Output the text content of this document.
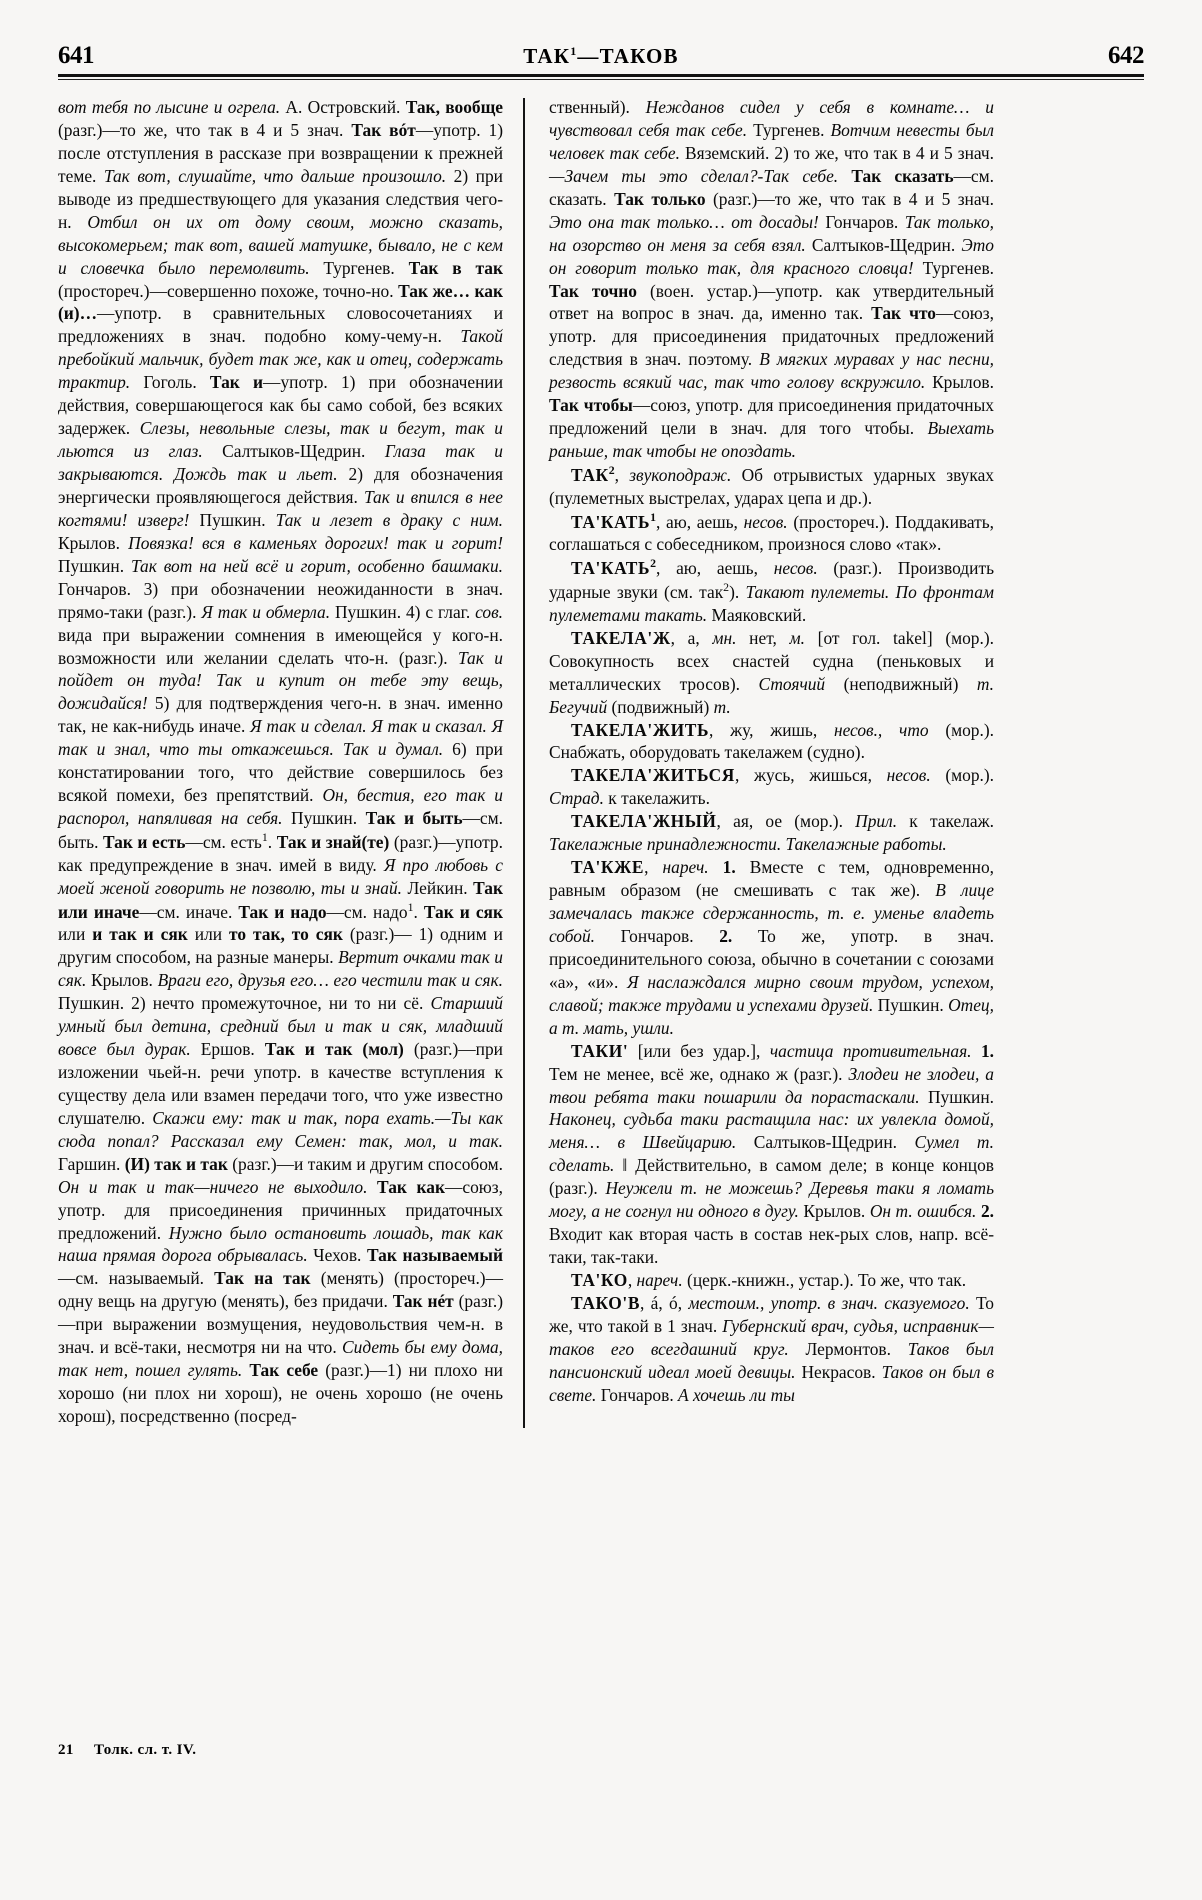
641	ТАК$^1$—ТАКОВ	642

вот тебя по лысине и огрела. А. Островский. Так, вообще (разг.)—то же, что так в 4 и 5 знач. Так вóт—употр. 1) после отступления в рассказе при возвращении к прежней теме. Так вот, слушайте, что дальше произошло. 2) при выводе из предшествующего для указания следствия чего-н. Отбил он их от дому своим, можно сказать, высокомерьем; так вот, вашей матушке, бывало, не с кем и словечка было перемолвить. Тургенев. Так в так (простореч.)—совершенно похоже, точно-но. Так же… как (и)…—употр. в сравнительных словосочетаниях и предложениях в знач. подобно кому-чему-н. Такой пребойкий мальчик, будет так же, как и отец, содержать трактир. Гоголь. Так и—употр. 1) при обозначении действия, совершающегося как бы само собой, без всяких задержек. Слезы, невольные слезы, так и бегут, так и льются из глаз. Салтыков-Щедрин. Глаза так и закрываются. Дождь так и льет. 2) для обозначения энергически проявляющегося действия. Так и впился в нее когтями! изверг! Пушкин. Так и лезет в драку с ним. Крылов. Повязка! вся в каменьях дорогих! так и горит! Пушкин. Так вот на ней всё и горит, особенно башмаки. Гончаров. 3) при обозначении неожиданности в знач. прямо-таки (разг.). Я так и обмерла. Пушкин. 4) с глаг. сов. вида при выражении сомнения в имеющейся у кого-н. возможности или желании сделать что-н. (разг.). Так и пойдет он туда! Так и купит он тебе эту вещь, дожидайся! 5) для подтверждения чего-н. в знач. именно так, не как-нибудь иначе. Я так и сделал. Я так и сказал. Я так и знал, что ты откажешься. Так и думал. 6) при констатировании того, что действие совершилось без всякой помехи, без препятствий. Он, бестия, его так и распорол, напяливая на себя. Пушкин. Так и быть—см. быть. Так и есть—см. есть$^1$. Так и знай(те) (разг.)—употр. как предупреждение в знач. имей в виду. Я про любовь с моей женой говорить не позволю, ты и знай. Лейкин. Так или иначе—см. иначе. Так и надо—см. надо$^1$. Так и сяк или и так и сяк или то так, то сяк (разг.)— 1) одним и другим способом, на разные манеры. Вертит очками так и сяк. Крылов. Враги его, друзья его… его честили так и сяк. Пушкин. 2) нечто промежуточное, ни то ни сё. Старший умный был детина, средний был и так и сяк, младший вовсе был дурак. Ершов. Так и так (мол) (разг.)—при изложении чьей-н. речи употр. в качестве вступления к существу дела или взамен передачи того, что уже известно слушателю. Скажи ему: так и так, пора ехать.—Ты как сюда попал? Рассказал ему Семен: так, мол, и так. Гаршин. (И) так и так (разг.)—и таким и другим способом. Он и так и так—ничего не выходило. Так как—союз, употр. для присоединения причинных придаточных предложений. Нужно было остановить лошадь, так как наша прямая дорога обрывалась. Чехов. Так называемый—см. называемый. Так на так (менять) (простореч.)—одну вещь на другую (менять), без придачи. Так нéт (разг.) —при выражении возмущения, неудовольствия чем-н. в знач. и всё-таки, несмотря ни на что. Сидеть бы ему дома, так нет, пошел гулять. Так себе (разг.)—1) ни плохо ни хорошо (ни плох ни хорош), не очень хорошо (не очень хорош), посредственно (посред-

ственный). Нежданов сидел у себя в комнате… и чувствовал себя так себе. Тургенев. Вотчим невесты был человек так себе. Вяземский. 2) то же, что так в 4 и 5 знач. —Зачем ты это сделал?-Так себе. Так сказать—см. сказать. Так только (разг.)—то же, что так в 4 и 5 знач. Это она так только… от досады! Гончаров. Так только, на озорство он меня за себя взял. Салтыков-Щедрин. Это он говорит только так, для красного словца! Тургенев. Так точно (воен. устар.)—употр. как утвердительный ответ на вопрос в знач. да, именно так. Так что—союз, употр. для присоединения придаточных предложений следствия в знач. поэтому. В мягких муравах у нас песни, резвость всякий час, так что голову вскружило. Крылов. Так чтобы—союз, употр. для присоединения придаточных предложений цели в знач. для того чтобы. Выехать раньше, так чтобы не опоздать.

ТАК$^2$, звукоподраж. Об отрывистых ударных звуках (пулеметных выстрелах, ударах цепа и др.).

ТА'КАТЬ$^1$, аю, аешь, несов. (простореч.). Поддакивать, соглашаться с собеседником, произнося слово «так».

ТА'КАТЬ$^2$, аю, аешь, несов. (разг.). Производить ударные звуки (см. так$^2$). Такают пулеметы. По фронтам пулеметами такать. Маяковский.

ТАКЕЛА'Ж, а, мн. нет, м. [от гол. takel] (мор.). Совокупность всех снастей судна (пеньковых и металлических тросов). Стоячий (неподвижный) т. Бегучий (подвижный) т.

ТАКЕЛА'ЖИТЬ, жу, жишь, несов., что (мор.). Снабжать, оборудовать такелажем (судно).

ТАКЕЛА'ЖИТЬСЯ, жусь, жишься, несов. (мор.). Страд. к такелажить.

ТАКЕЛА'ЖНЫЙ, ая, ое (мор.). Прил. к такелаж. Такелажные принадлежности. Такелажные работы.

ТА'КЖЕ, нареч. 1. Вместе с тем, одновременно, равным образом (не смешивать с так же). В лице замечалась также сдержанность, т. е. уменье владеть собой. Гончаров. 2. То же, употр. в знач. присоединительного союза, обычно в сочетании с союзами «а», «и». Я наслаждался мирно своим трудом, успехом, славой; также трудами и успехами друзей. Пушкин. Отец, а т. мать, ушли.

ТАКИ' [или без удар.], частица противительная. 1. Тем не менее, всё же, однако ж (разг.). Злодеи не злодеи, а твои ребята таки пошарили да порастаскали. Пушкин. Наконец, судьба таки растащила нас: их увлекла домой, меня… в Швейцарию. Салтыков-Щедрин. Сумел т. сделать. ‖ Действительно, в самом деле; в конце концов (разг.). Неужели т. не можешь? Деревья таки я ломать могу, а не согнул ни одного в дугу. Крылов. Он т. ошибся. 2. Входит как вторая часть в состав нек-рых слов, напр. всё-таки, так-таки.

ТА'КО, нареч. (церк.-книжн., устар.). То же, что так.

ТАКО'В, á, ó, местоим., употр. в знач. сказуемого. То же, что такой в 1 знач. Губернский врач, судья, исправник—таков его всегдашний круг. Лермонтов. Таков был пансионский идеал моей девицы. Некрасов. Таков он был в свете. Гончаров. А хочешь ли ты

21 Толк. сл. т. IV.
